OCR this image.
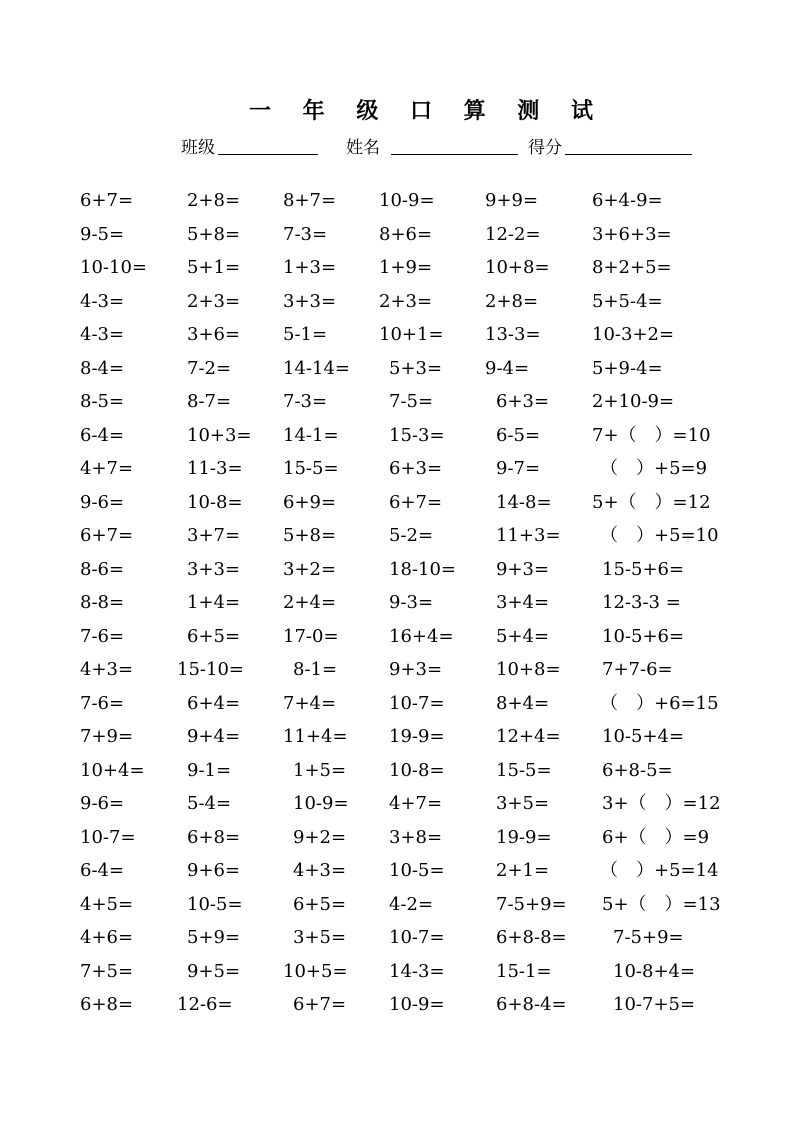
一 年 级 口 算 测 试
班级	姓名	得分
6+7=	2+8= 8+7= 10-9=	9+9=	6+4-9=
9-5=	5+8= 7-3=	8+6=	12-2=	3+6+3=
10-10= 5+1= 1+3= 1+9=	10+8= 8+2+5=
4-3=	2+3= 3+3= 2+3=	2+8=	5+5-4=
4-3=	3+6= 5-1=	10+1= 13-3=	10-3+2=
8-4=	7-2=	14-14= 5+3= 9-4=	5+9-4=
8-5=	8-7=	7-3=	7-5=	6+3= 2+10-9=
6-4=	10+3= 14-1=	15-3=	6-5=	7+（　）=10
4+7=	11-3= 15-5=	6+3=	9-7=	（　）+5=9
9-6=	10-8= 6+9=	6+7=	14-8= 5+（　）=12
6+7=	3+7= 5+8=	5-2=	11+3= （　）+5=10
8-6=	3+3= 3+2=	18-10= 9+3=	15-5+6=
8-8=	1+4= 2+4=	9-3=	3+4=	12-3-3 =
7-6=	6+5= 17-0=	16+4= 5+4=	10-5+6=
4+3= 15-10=	8-1=	9+3=	10+8= 7+7-6=
7-6=	6+4= 7+4=	10-7=	8+4=	（　）+6=15
7+9=	9+4= 11+4= 19-9=	12+4= 10-5+4=
10+4= 9-1=	1+5= 10-8=	15-5=	6+8-5=
9-6=	5-4=	10-9= 4+7=	3+5=	3+（　）=12
10-7=	6+8=	9+2= 3+8=	19-9=	6+（　）=9
6-4=	9+6=	4+3= 10-5=	2+1=	（　）+5=14
4+5=	10-5=	6+5= 4-2=	7-5+9= 5+（　）=13
4+6=	5+9=	3+5= 10-7=	6+8-8=	7-5+9=
7+5=	9+5= 10+5= 14-3=	15-1=	10-8+4=
6+8= 12-6=	6+7= 10-9=	6+8-4=	10-7+5=
